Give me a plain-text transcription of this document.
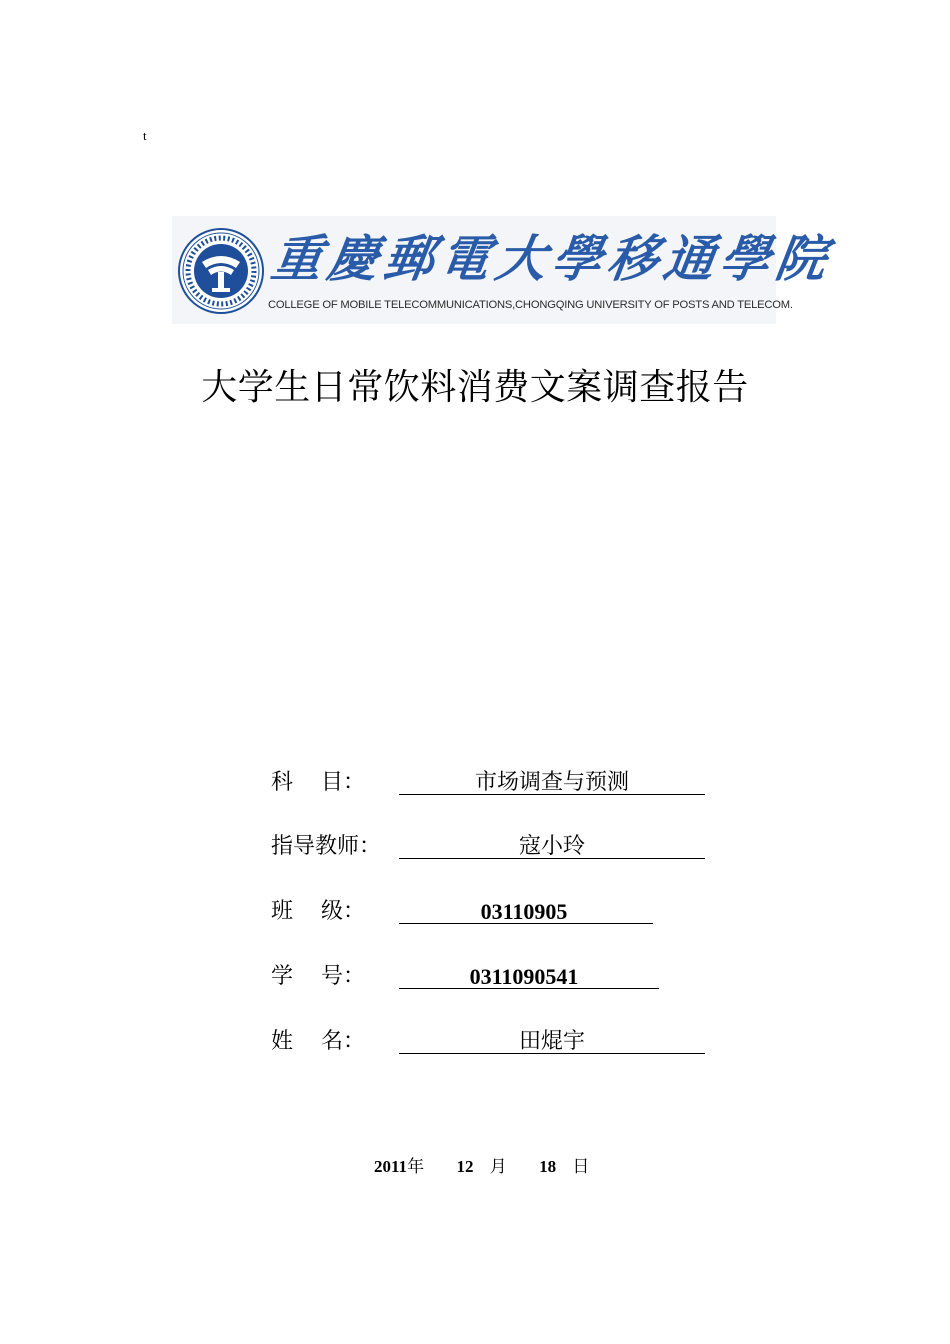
t
重慶郵電大學移通學院
COLLEGE OF MOBILE TELECOMMUNICATIONS,CHONGQING UNIVERSITY OF POSTS AND TELECOM.
大学生日常饮料消费文案调查报告
科    目：	市场调查与预测
指导教师：	寇小玲
班    级：	03110905
学    号：	0311090541
姓    名：	田焜宇
2011年 12 月 18 日
